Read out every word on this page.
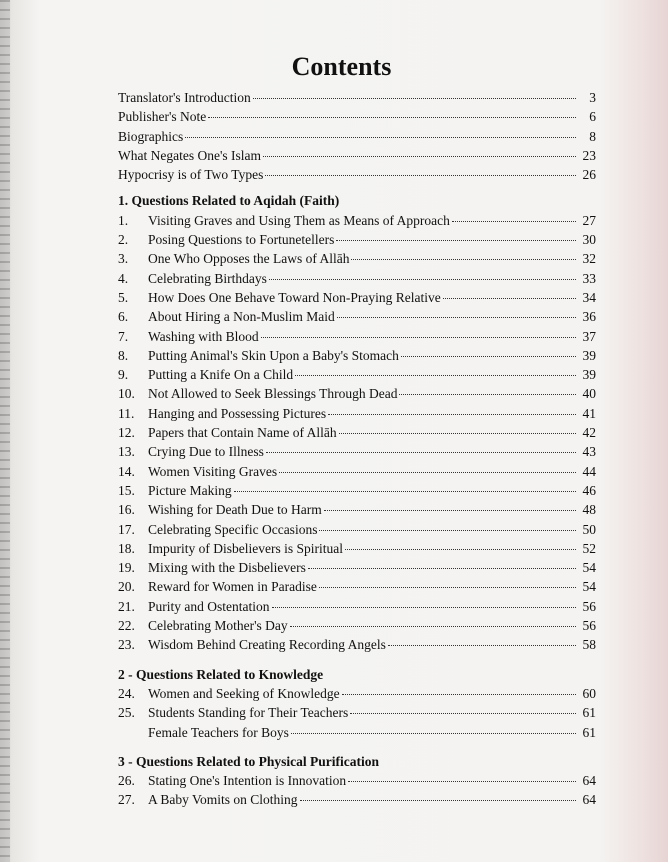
Contents
Translator's Introduction	3
Publisher's Note	6
Biographics	8
What Negates One's Islam	23
Hypocrisy is of Two Types	26
1. Questions Related to Aqidah (Faith)
1.	Visiting Graves and Using Them as Means of Approach	27
2.	Posing Questions to Fortunetellers	30
3.	One Who Opposes the Laws of Allāh	32
4.	Celebrating Birthdays	33
5.	How Does One Behave Toward Non-Praying Relative	34
6.	About Hiring a Non-Muslim Maid	36
7.	Washing with Blood	37
8.	Putting Animal's Skin Upon a Baby's Stomach	39
9.	Putting a Knife On a Child	39
10. Not Allowed to Seek Blessings Through Dead	40
11.	Hanging and Possessing Pictures	41
12. Papers that Contain Name of Allāh	42
13. Crying Due to Illness	43
14. Women Visiting Graves	44
15. Picture Making	46
16. Wishing for Death Due to Harm	48
17. Celebrating Specific Occasions	50
18. Impurity of Disbelievers is Spiritual	52
19. Mixing with the Disbelievers	54
20. Reward for Women in Paradise	54
21. Purity and Ostentation	56
22. Celebrating Mother's Day	56
23. Wisdom Behind Creating Recording Angels	58
2 - Questions Related to Knowledge
24. Women and Seeking of Knowledge	60
25. Students Standing for Their Teachers	61
Female Teachers for Boys	61
3 - Questions Related to Physical Purification
26. Stating One's Intention is Innovation	64
27. A Baby Vomits on Clothing	64
